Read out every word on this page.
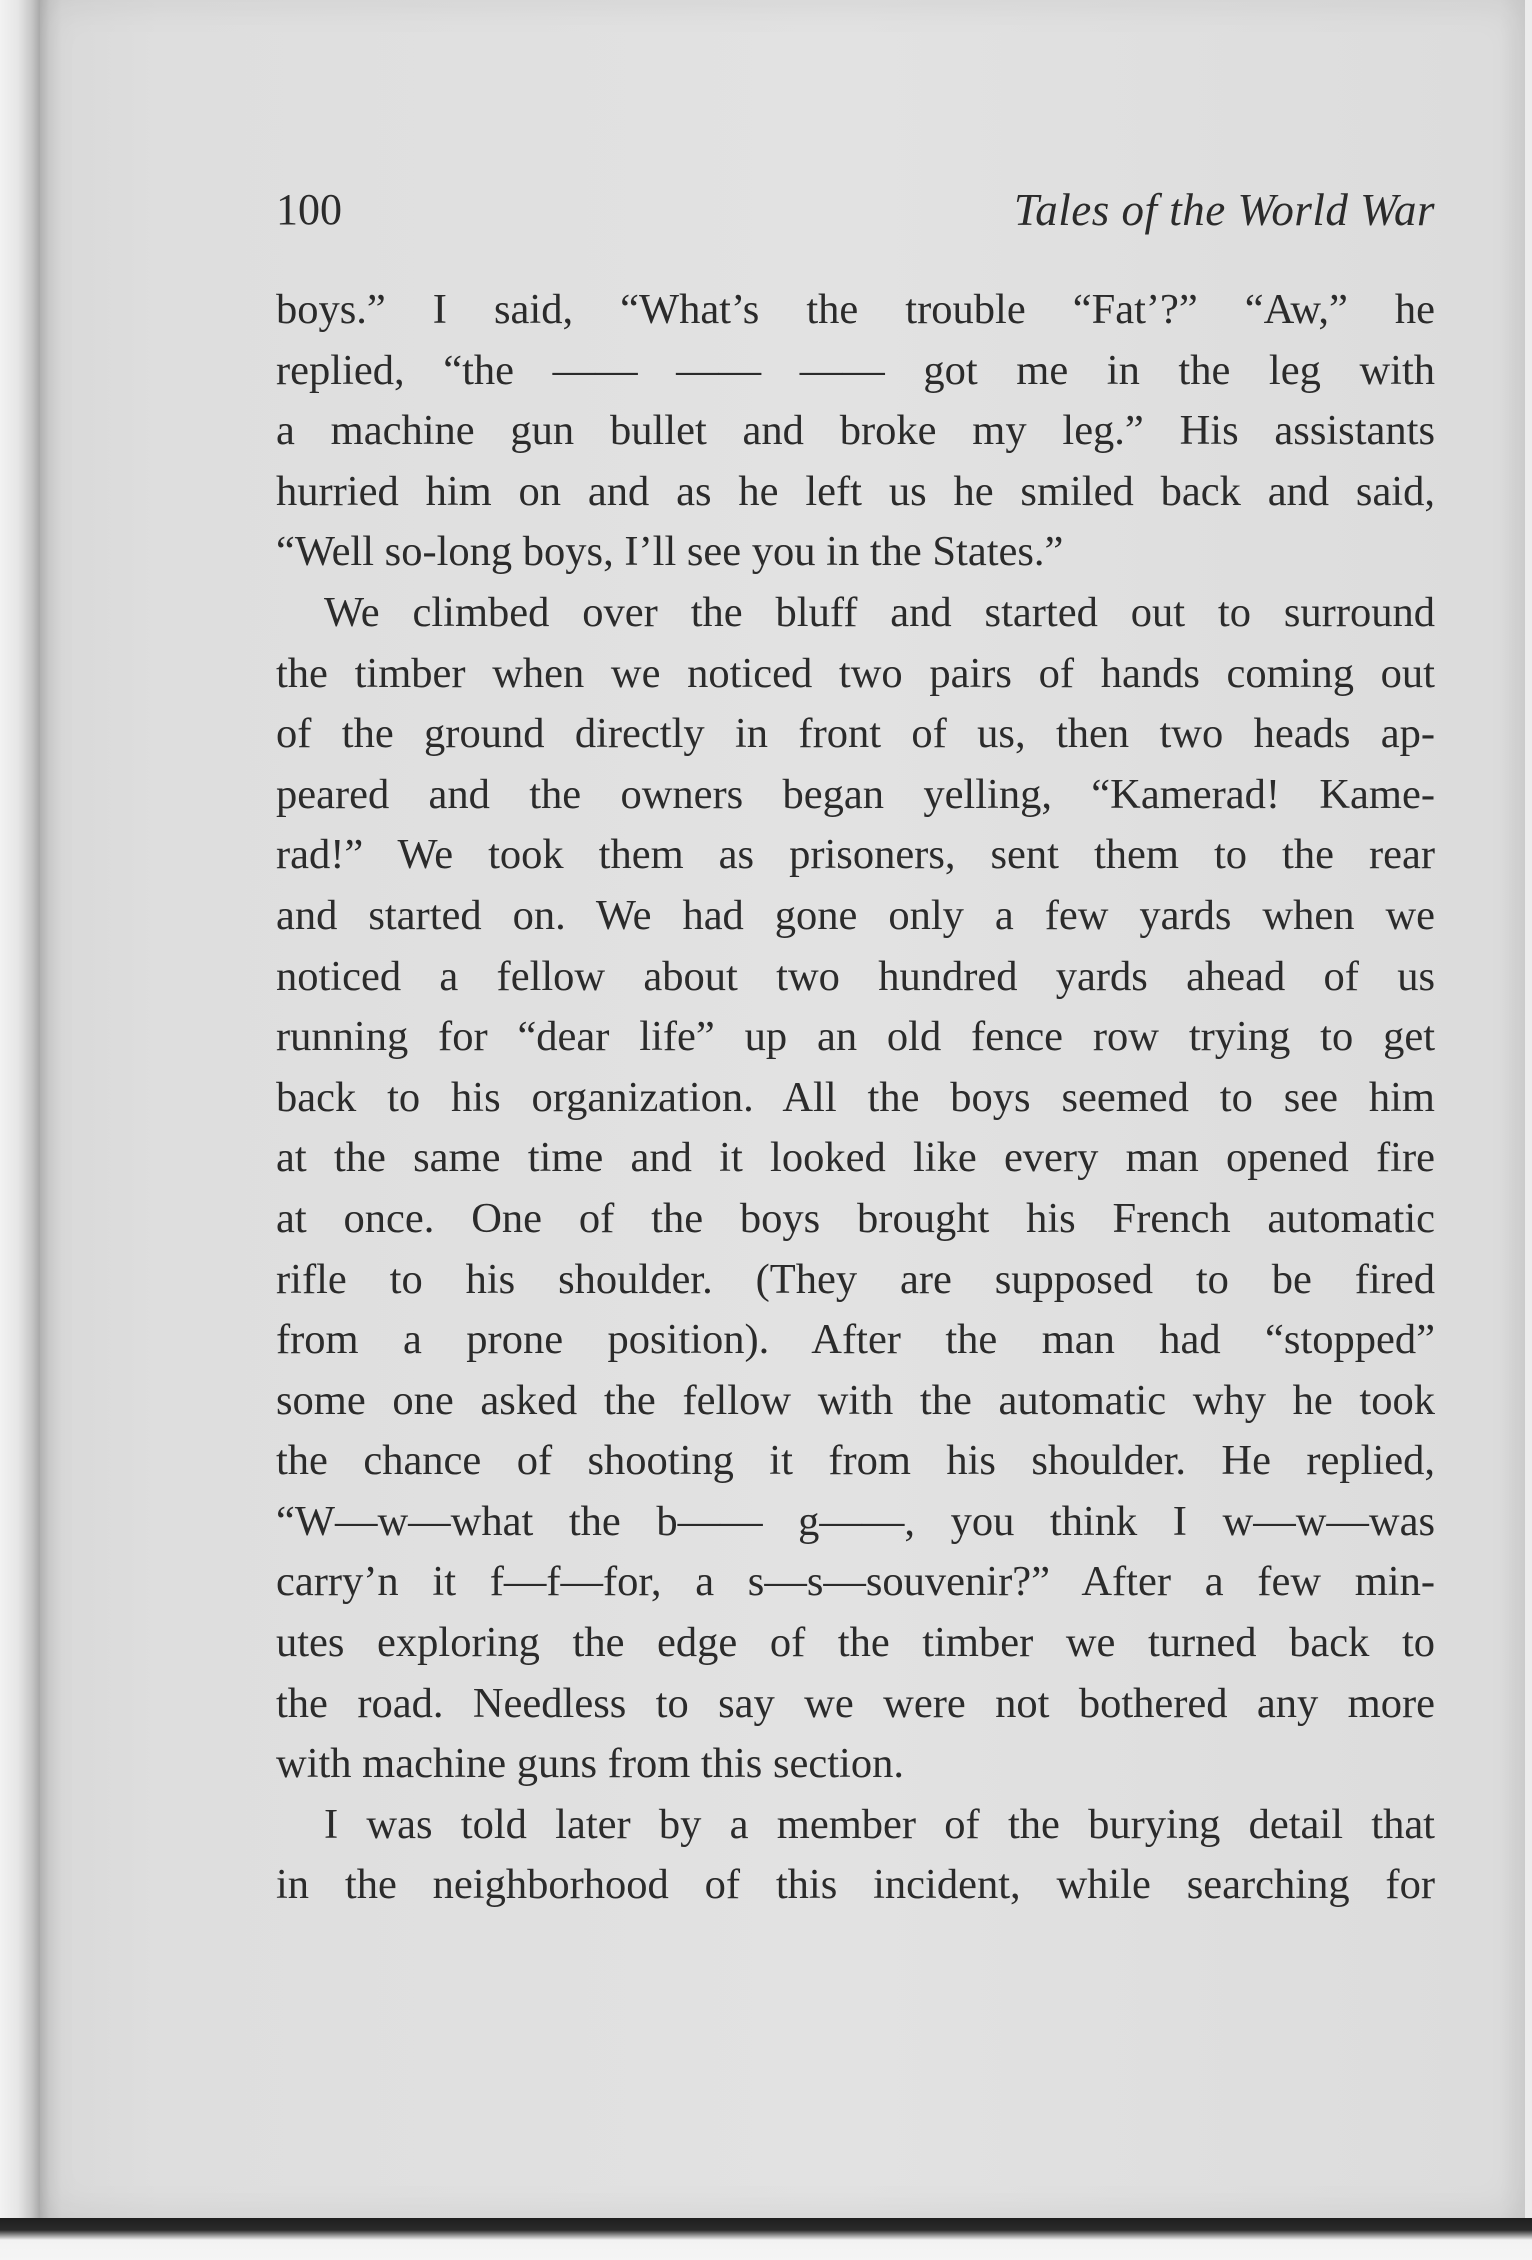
100	Tales of the World War
boys.” I said, “What’s the trouble “Fat’?” “Aw,” he
replied, “the —— —— —— got me in the leg with
a machine gun bullet and broke my leg.” His assistants
hurried him on and as he left us he smiled back and said,
“Well so-long boys, I’ll see you in the States.”
We climbed over the bluff and started out to surround
the timber when we noticed two pairs of hands coming out
of the ground directly in front of us, then two heads ap-
peared and the owners began yelling, “Kamerad! Kame-
rad!” We took them as prisoners, sent them to the rear
and started on. We had gone only a few yards when we
noticed a fellow about two hundred yards ahead of us
running for “dear life” up an old fence row trying to get
back to his organization. All the boys seemed to see him
at the same time and it looked like every man opened fire
at once. One of the boys brought his French automatic
rifle to his shoulder. (They are supposed to be fired
from a prone position). After the man had “stopped”
some one asked the fellow with the automatic why he took
the chance of shooting it from his shoulder. He replied,
“W—w—what the b—— g——, you think I w—w—was
carry’n it f—f—for, a s—s—souvenir?” After a few min-
utes exploring the edge of the timber we turned back to
the road. Needless to say we were not bothered any more
with machine guns from this section.
I was told later by a member of the burying detail that
in the neighborhood of this incident, while searching for
